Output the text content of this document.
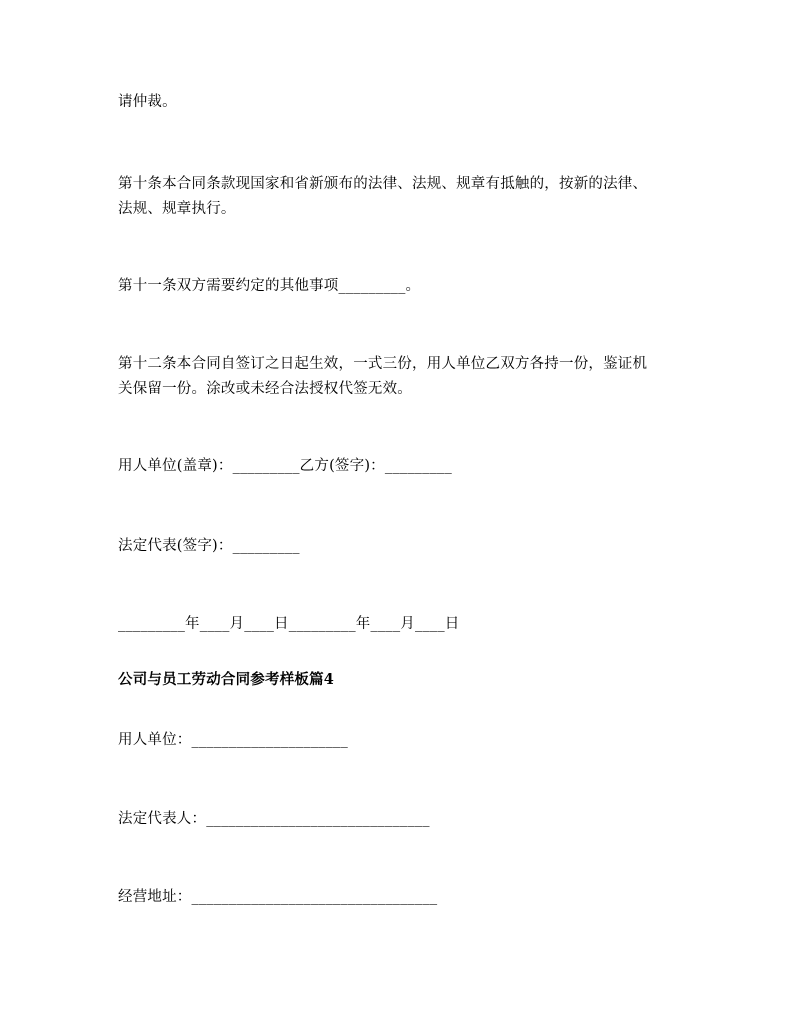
请仲裁。
第十条本合同条款现国家和省新颁布的法律、法规、规章有抵触的，按新的法律、
法规、规章执行。
第十一条双方需要约定的其他事项_________。
第十二条本合同自签订之日起生效，一式三份，用人单位乙双方各持一份，鉴证机
关保留一份。涂改或未经合法授权代签无效。
用人单位(盖章)：_________乙方(签字)：_________
法定代表(签字)：_________
_________年____月____日_________年____月____日
公司与员工劳动合同参考样板篇4
用人单位：_____________________
法定代表人：______________________________
经营地址：_________________________________
